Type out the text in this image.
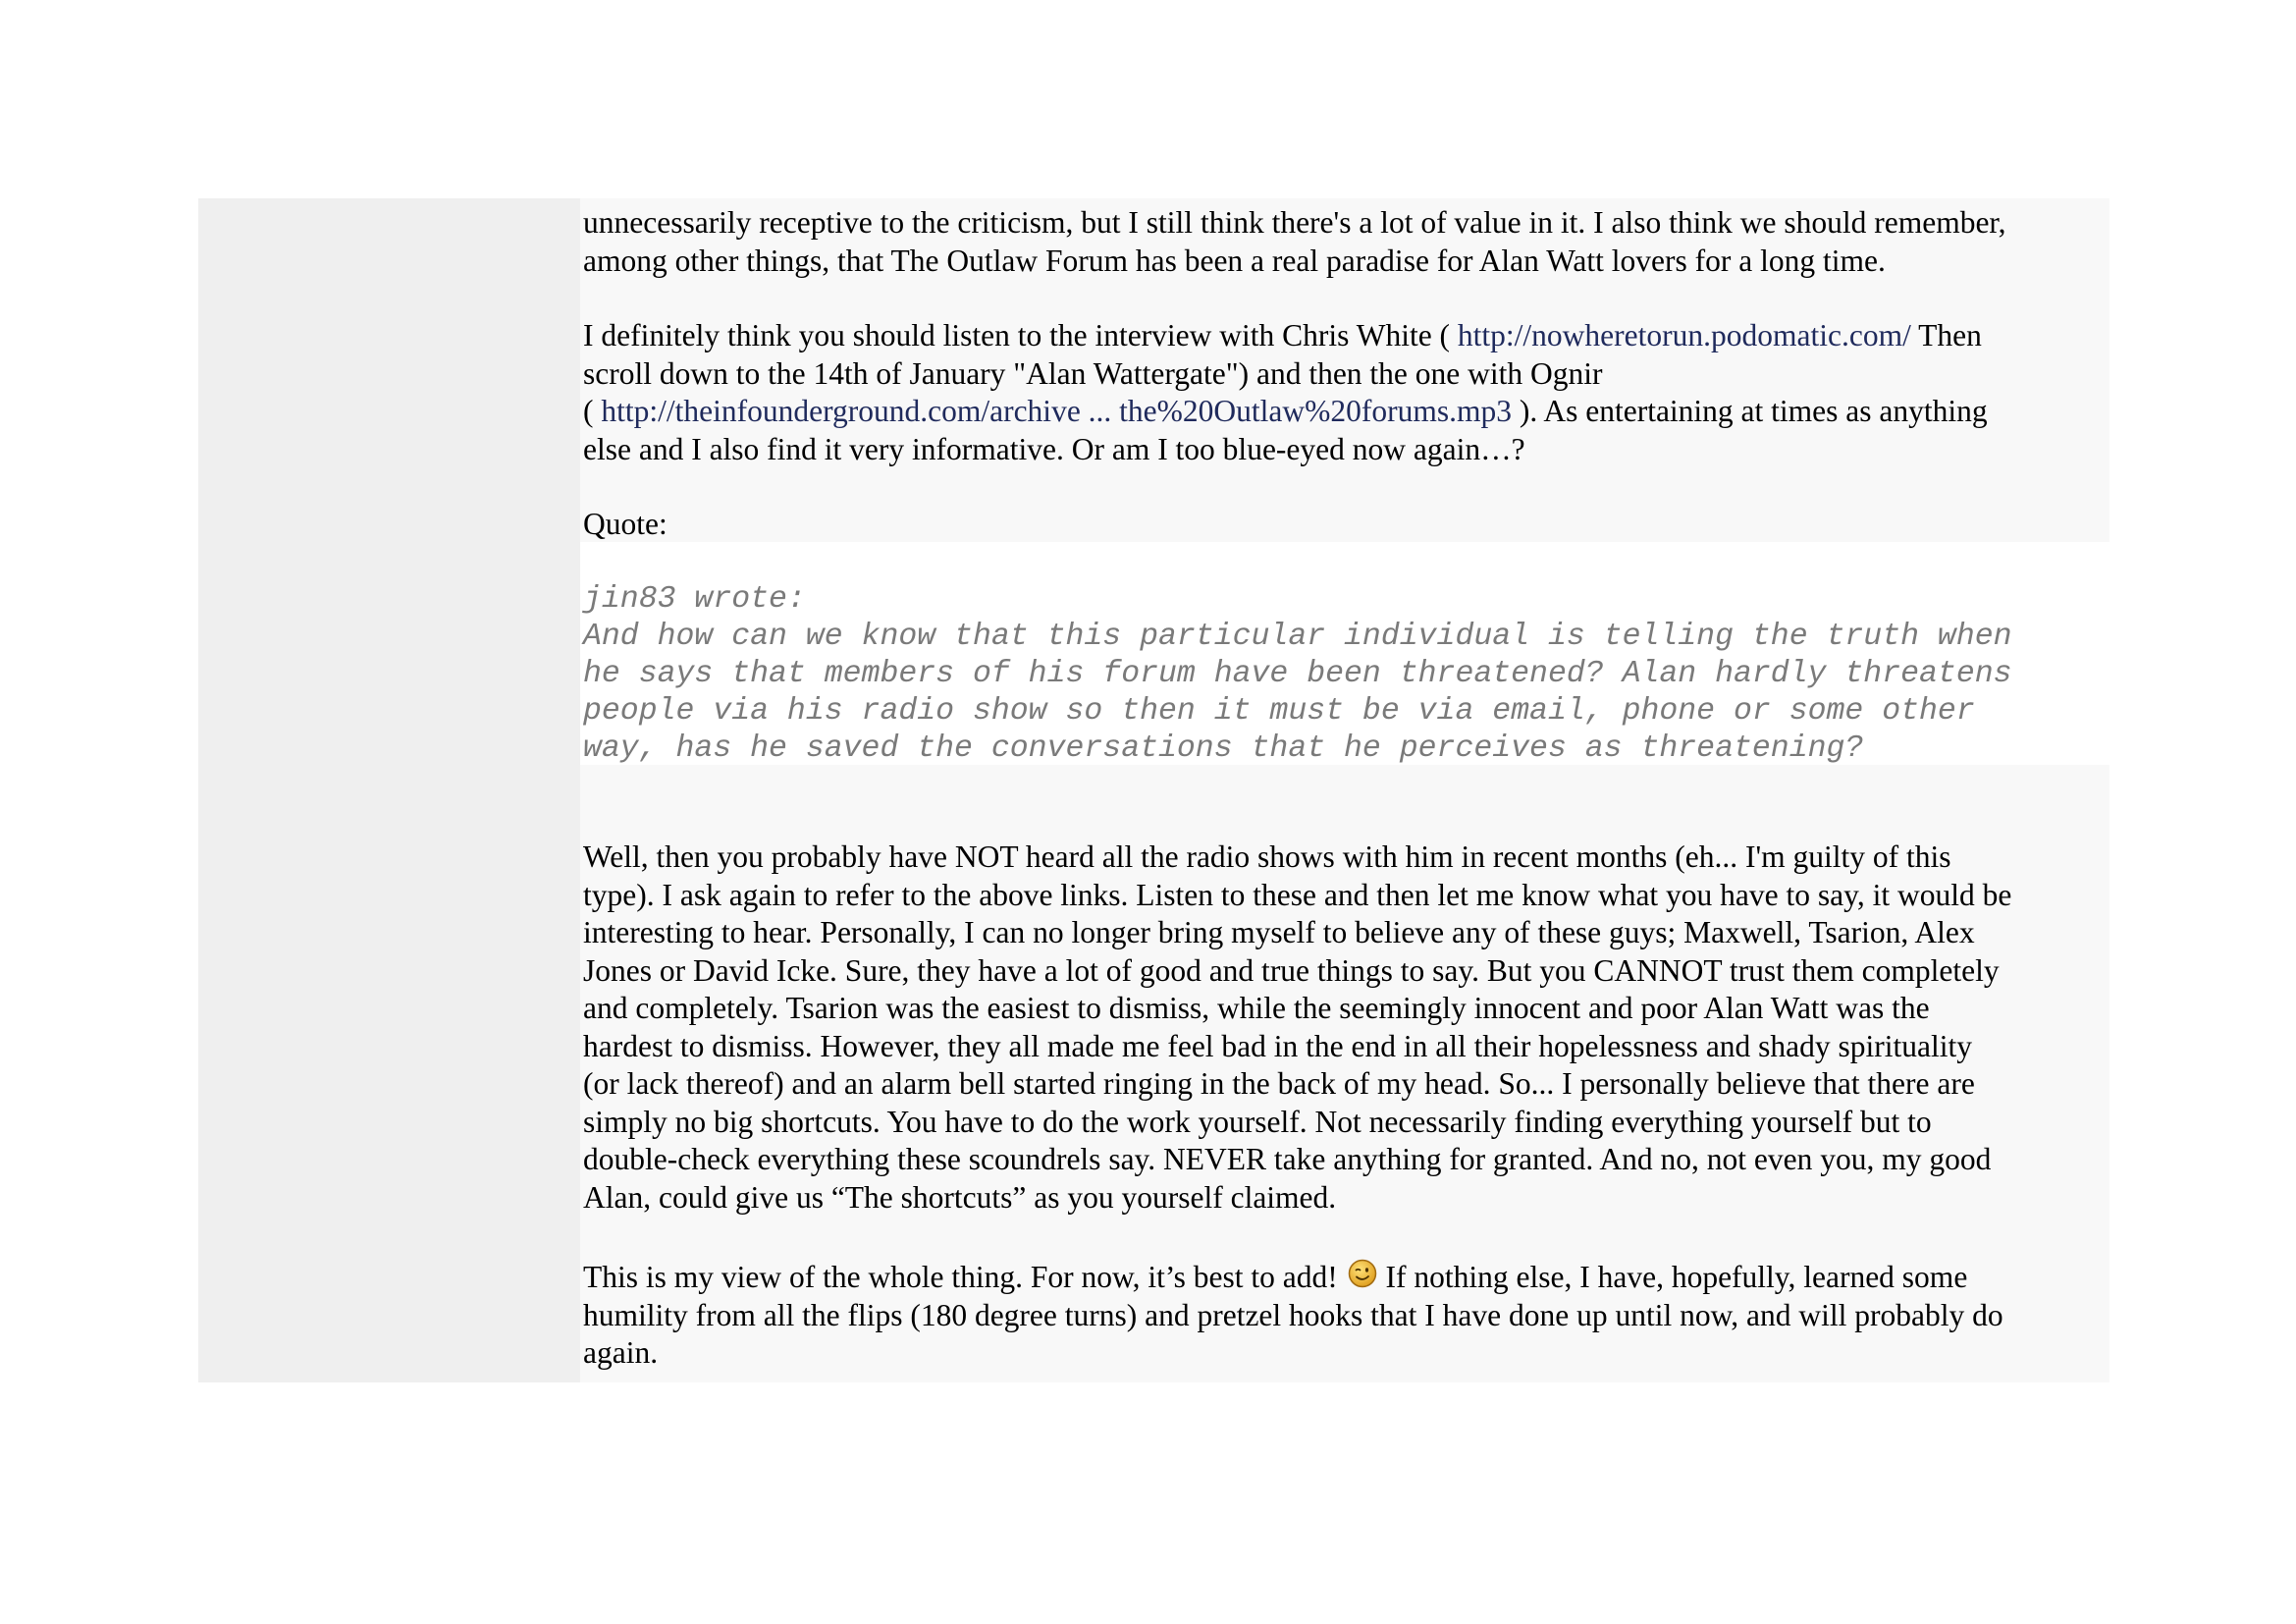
unnecessarily receptive to the criticism, but I still think there's a lot of value in it. I also think we should remember,
among other things, that The Outlaw Forum has been a real paradise for Alan Watt lovers for a long time.

I definitely think you should listen to the interview with Chris White ( http://nowheretorun.podomatic.com/ Then
scroll down to the 14th of January "Alan Wattergate") and then the one with Ognir
( http://theinfounderground.com/archive ... the%20Outlaw%20forums.mp3 ). As entertaining at times as anything
else and I also find it very informative. Or am I too blue-eyed now again…?

Quote:

jin83 wrote:
And how can we know that this particular individual is telling the truth when
he says that members of his forum have been threatened? Alan hardly threatens
people via his radio show so then it must be via email, phone or some other
way, has he saved the conversations that he perceives as threatening?

Well, then you probably have NOT heard all the radio shows with him in recent months (eh... I'm guilty of this
type). I ask again to refer to the above links. Listen to these and then let me know what you have to say, it would be
interesting to hear. Personally, I can no longer bring myself to believe any of these guys; Maxwell, Tsarion, Alex
Jones or David Icke. Sure, they have a lot of good and true things to say. But you CANNOT trust them completely
and completely. Tsarion was the easiest to dismiss, while the seemingly innocent and poor Alan Watt was the
hardest to dismiss. However, they all made me feel bad in the end in all their hopelessness and shady spirituality
(or lack thereof) and an alarm bell started ringing in the back of my head. So... I personally believe that there are
simply no big shortcuts. You have to do the work yourself. Not necessarily finding everything yourself but to
double-check everything these scoundrels say. NEVER take anything for granted. And no, not even you, my good
Alan, could give us “The shortcuts” as you yourself claimed.

This is my view of the whole thing. For now, it’s best to add!  If nothing else, I have, hopefully, learned some
humility from all the flips (180 degree turns) and pretzel hooks that I have done up until now, and will probably do
again.
